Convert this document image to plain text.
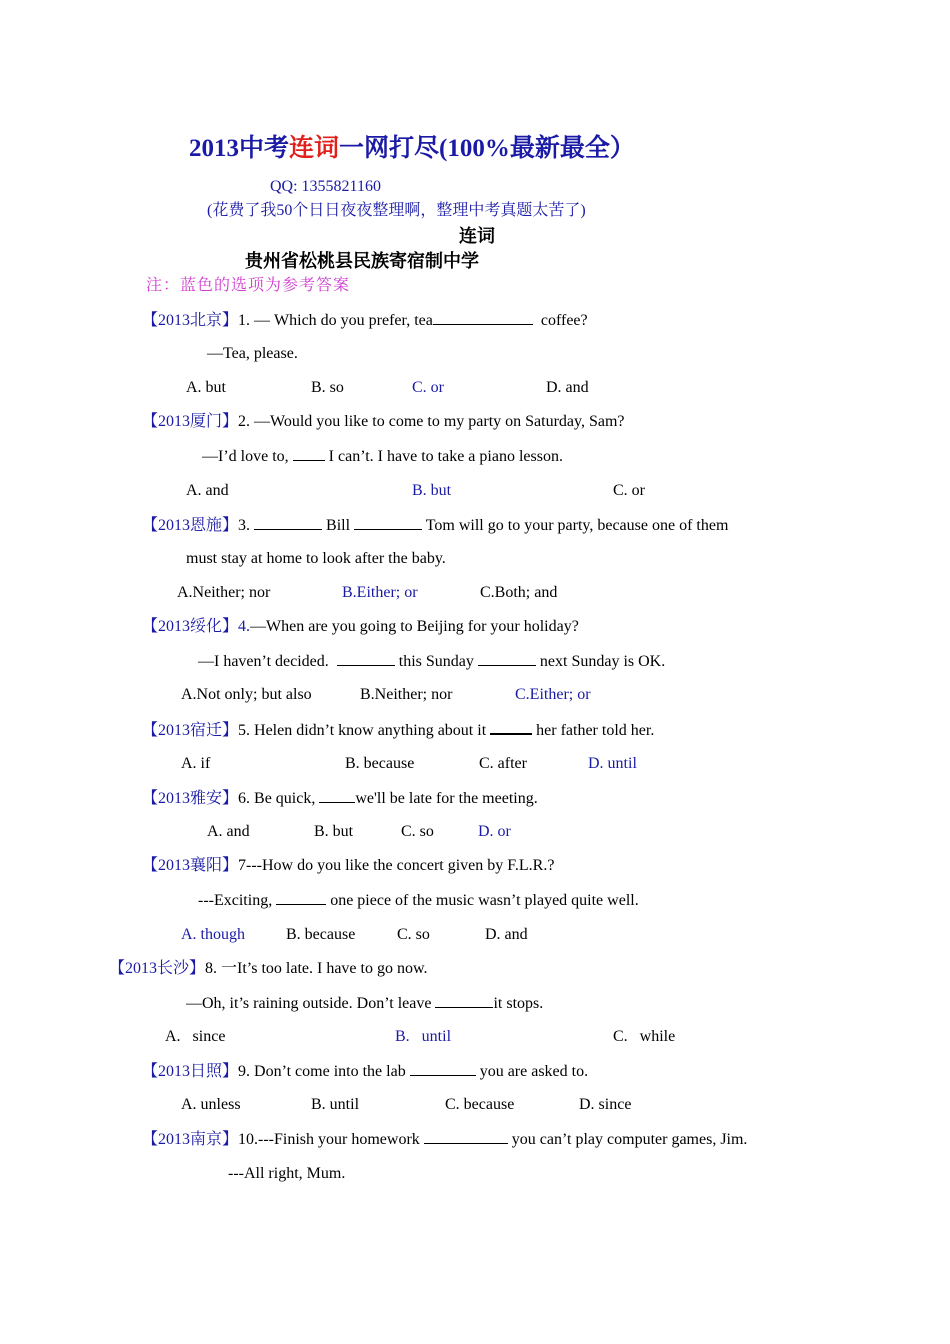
2013中考连词一网打尽(100%最新最全）
QQ: 1355821160
(花费了我50个日日夜夜整理啊，整理中考真题太苦了)
连词
贵州省松桃县民族寄宿制中学
注：蓝色的选项为参考答案
【2013北京】1. — Which do you prefer, tea	coffee?
—Tea, please.
A. but	B. so	C. or	D. and
【2013厦门】2. —Would you like to come to my party on Saturday, Sam?
—I’d love to,	I can’t. I have to take a piano lesson.
A. and	B. but	C. or
【2013恩施】3.	Bill	Tom will go to your party, because one of them
must stay at home to look after the baby.
A.Neither; nor	B.Either; or	C.Both; and
【2013绥化】4.—When are you going to Beijing for your holiday?
—I haven’t decided.	this Sunday	next Sunday is OK.
A.Not only; but also	B.Neither; nor	C.Either; or
【2013宿迁】5. Helen didn’t know anything about it	her father told her.
A. if	B. because	C. after	D. until
【2013雅安】6. Be quick,	we'll be late for the meeting.
A. and	B. but	C. so	D. or
【2013襄阳】7---How do you like the concert given by F.L.R.?
---Exciting,	one piece of the music wasn’t played quite well.
A. though	B. because	C. so	D. and
【2013长沙】8. 一It’s too late. I have to go now.
—Oh, it’s raining outside. Don’t leave	it stops.
A.   since	B.   until	C.   while
【2013日照】9. Don’t come into the lab	you are asked to.
A. unless	B. until	C. because	D. since
【2013南京】10.---Finish your homework	you can’t play computer games, Jim.
---All right, Mum.
